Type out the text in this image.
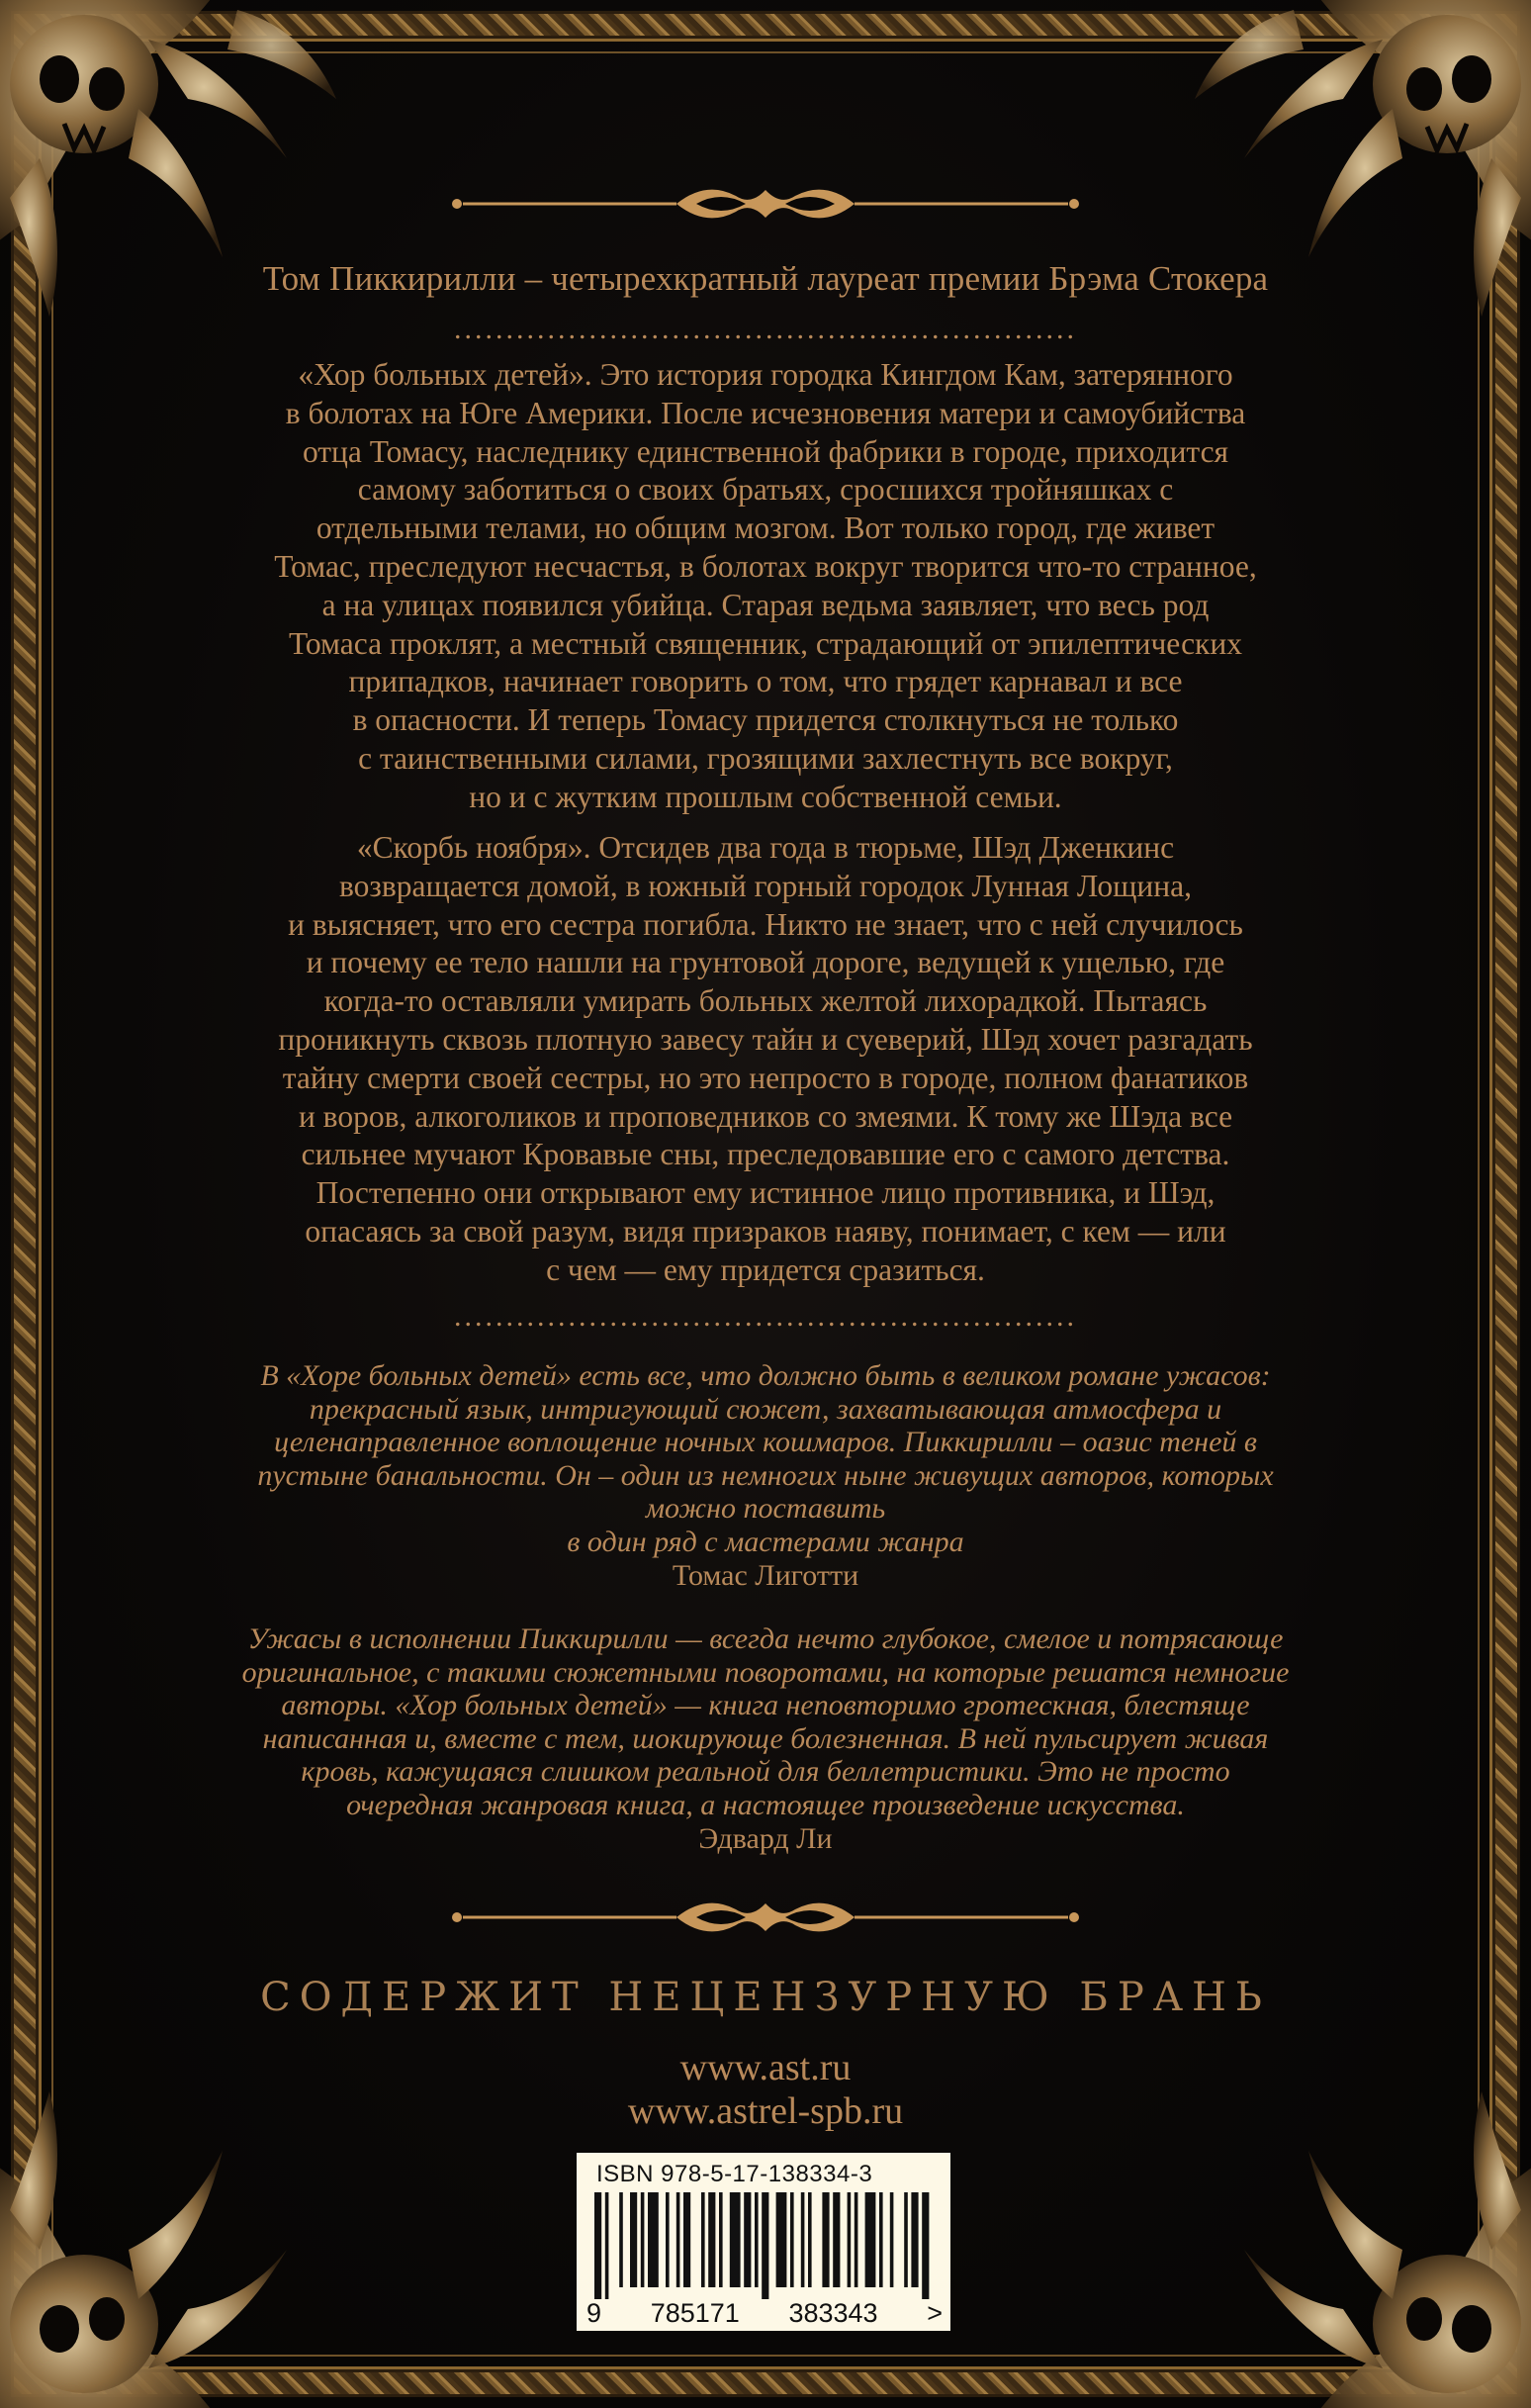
Том Пиккирилли – четырехкратный лауреат премии Брэма Стокера
............................................................
«Хор больных детей». Это история городка Кингдом Кам, затерянного
в болотах на Юге Америки. После исчезновения матери и самоубийства
отца Томасу, наследнику единственной фабрики в городе, приходится
самому заботиться о своих братьях, сросшихся тройняшках с
отдельными телами, но общим мозгом. Вот только город, где живет
Томас, преследуют несчастья, в болотах вокруг творится что-то странное,
а на улицах появился убийца. Старая ведьма заявляет, что весь род
Томаса проклят, а местный священник, страдающий от эпилептических
припадков, начинает говорить о том, что грядет карнавал и все
в опасности. И теперь Томасу придется столкнуться не только
с таинственными силами, грозящими захлестнуть все вокруг,
но и с жутким прошлым собственной семьи.
«Скорбь ноября». Отсидев два года в тюрьме, Шэд Дженкинс
возвращается домой, в южный горный городок Лунная Лощина,
и выясняет, что его сестра погибла. Никто не знает, что с ней случилось
и почему ее тело нашли на грунтовой дороге, ведущей к ущелью, где
когда-то оставляли умирать больных желтой лихорадкой. Пытаясь
проникнуть сквозь плотную завесу тайн и суеверий, Шэд хочет разгадать
тайну смерти своей сестры, но это непросто в городе, полном фанатиков
и воров, алкоголиков и проповедников со змеями. К тому же Шэда все
сильнее мучают Кровавые сны, преследовавшие его с самого детства.
Постепенно они открывают ему истинное лицо противника, и Шэд,
опасаясь за свой разум, видя призраков наяву, понимает, с кем — или
с чем — ему придется сразиться.
............................................................
В «Хоре больных детей» есть все, что должно быть в великом романе ужасов:
прекрасный язык, интригующий сюжет, захватывающая атмосфера и
целенаправленное воплощение ночных кошмаров. Пиккирилли – оазис теней в
пустыне банальности. Он – один из немногих ныне живущих авторов, которых
можно поставить
в один ряд с мастерами жанра
Томас Лиготти
Ужасы в исполнении Пиккирилли — всегда нечто глубокое, смелое и потрясающе
оригинальное, с такими сюжетными поворотами, на которые решатся немногие
авторы. «Хор больных детей» — книга неповторимо гротескная, блестяще
написанная и, вместе с тем, шокирующе болезненная. В ней пульсирует живая
кровь, кажущаяся слишком реальной для беллетристики. Это не просто
очередная жанровая книга, а настоящее произведение искусства.
Эдвард Ли
СОДЕРЖИТ НЕЦЕНЗУРНУЮ БРАНЬ
www.ast.ru
www.astrel-spb.ru
ISBN 978-5-17-138334-3
9 785171 383343 >
